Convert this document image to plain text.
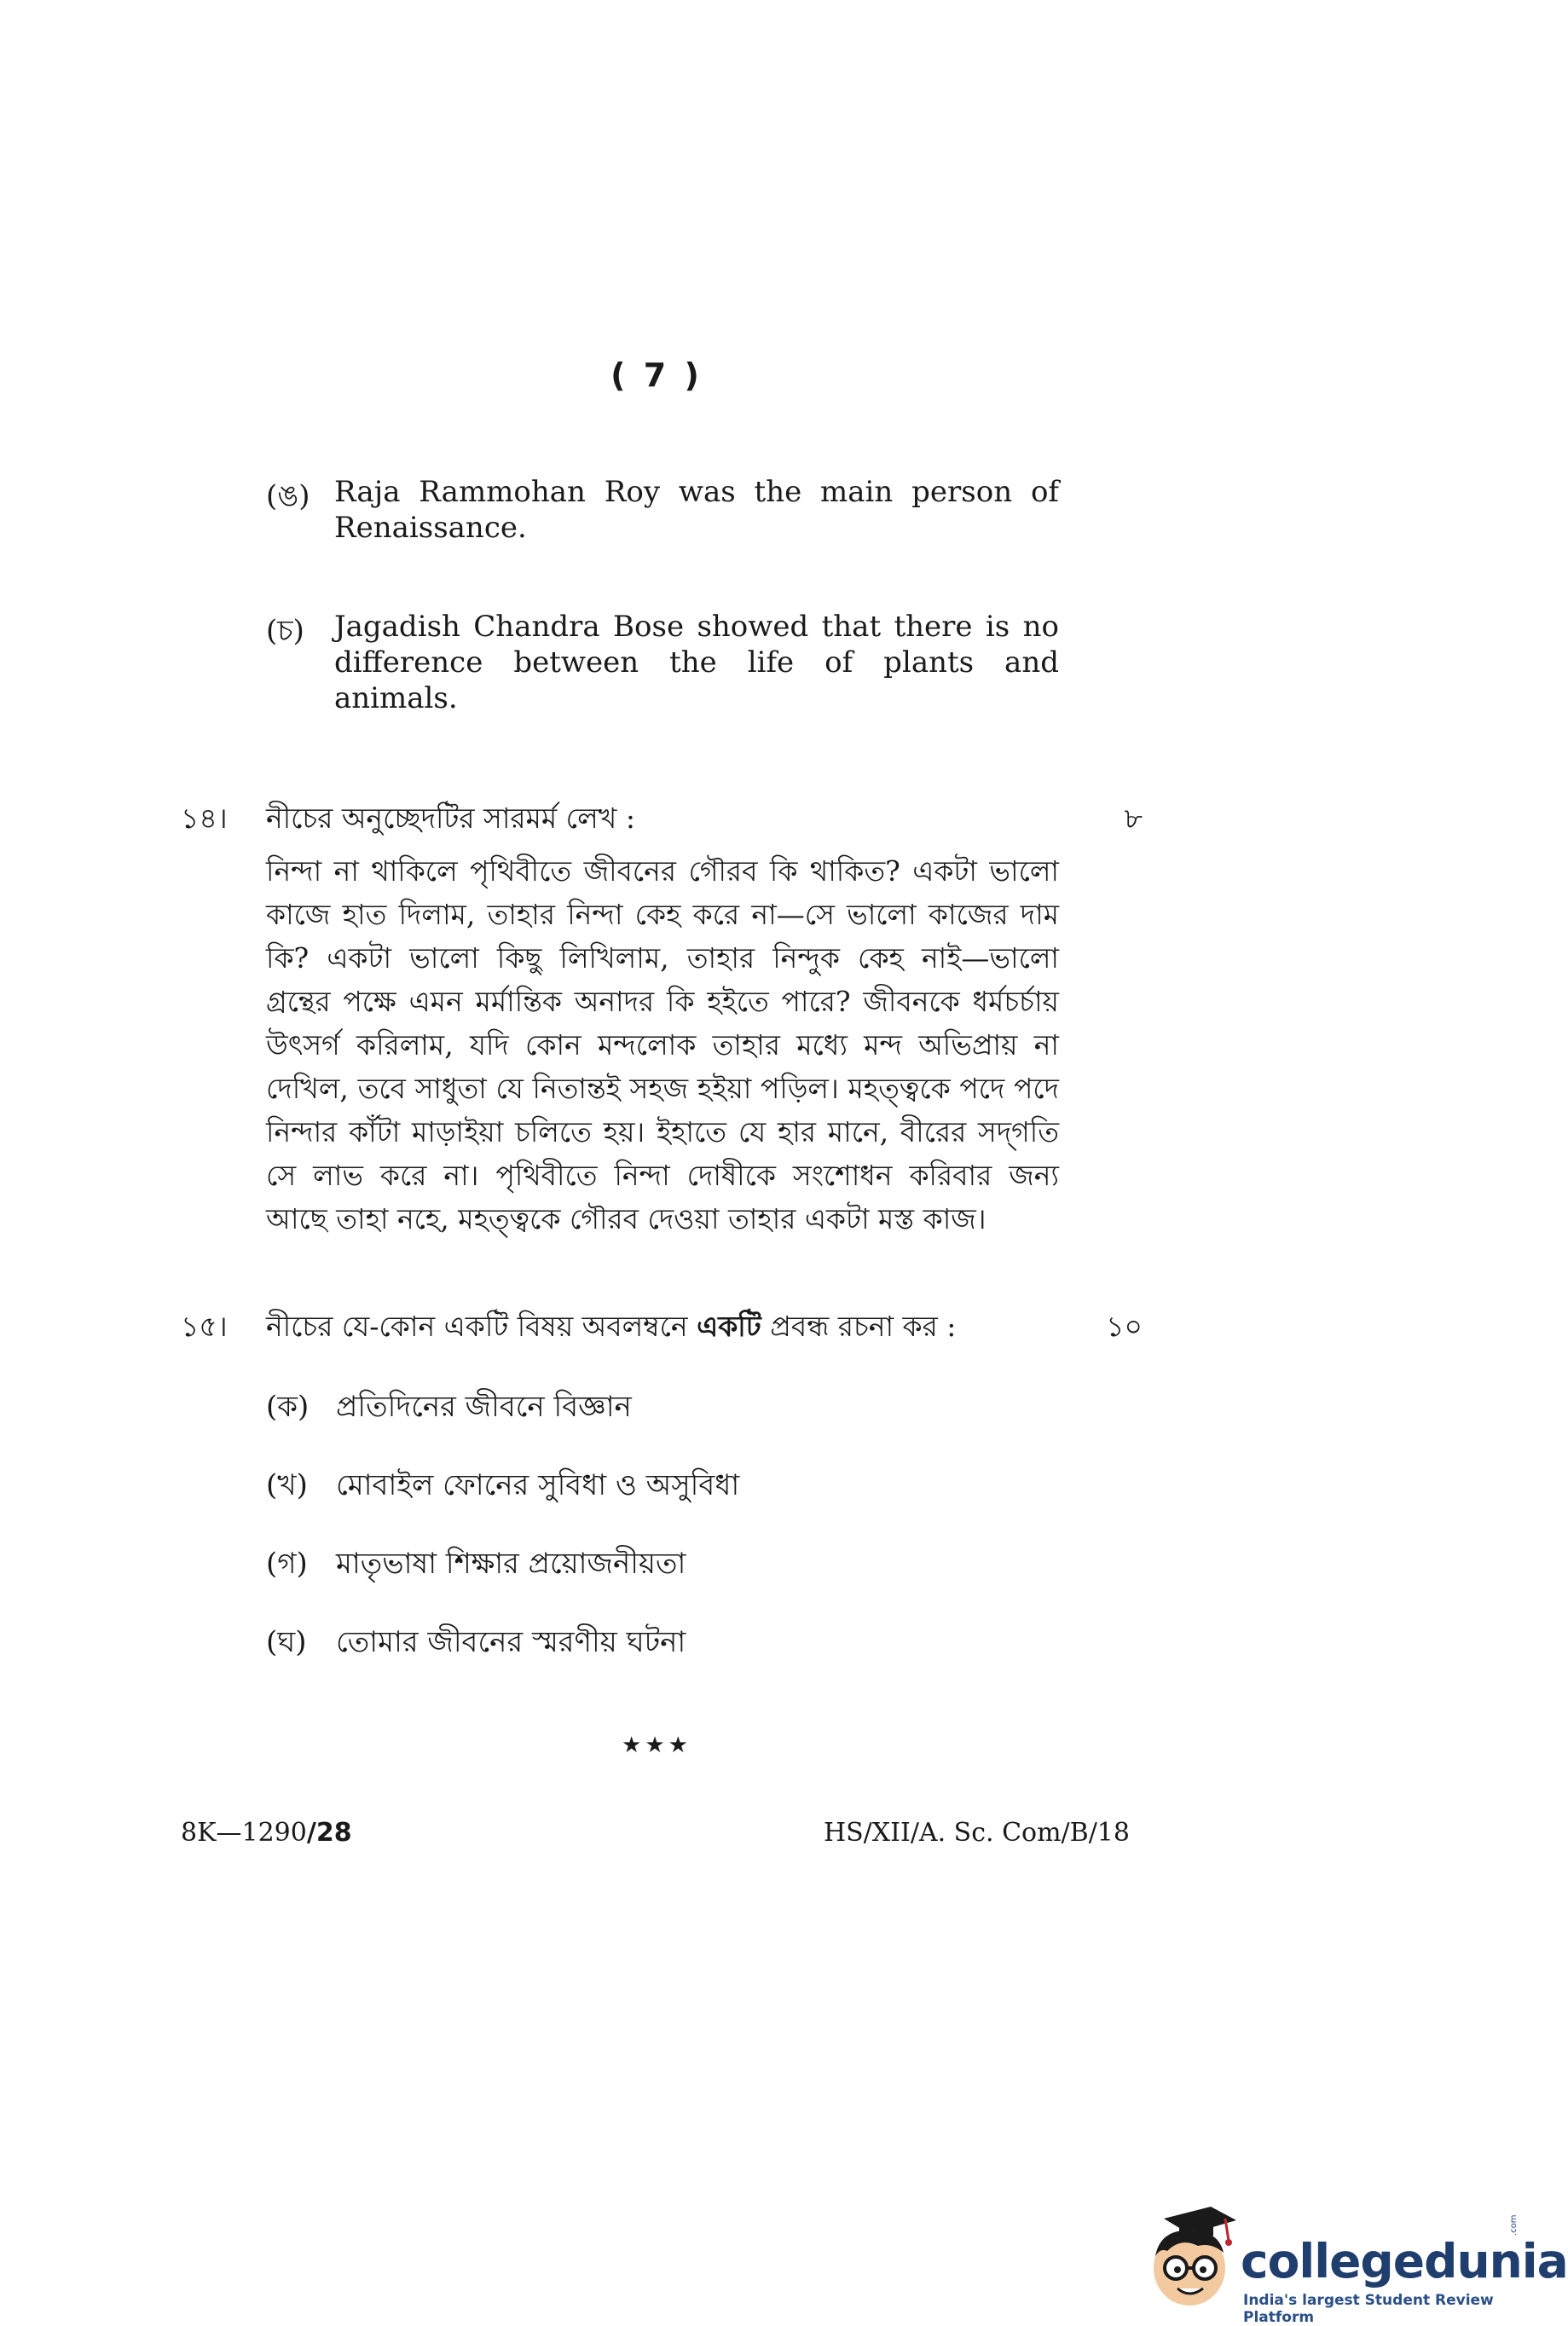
( 7 )
(ঙ) Raja Rammohan Roy was the main person of Renaissance.
(চ) Jagadish Chandra Bose showed that there is no difference between the life of plants and animals.
১৪। নীচের অনুচ্ছেদটির সারমর্ম লেখ :	৮
নিন্দা না থাকিলে পৃথিবীতে জীবনের গৌরব কি থাকিত? একটা ভালো
কাজে হাত দিলাম, তাহার নিন্দা কেহ করে না—সে ভালো কাজের দাম
কি? একটা ভালো কিছু লিখিলাম, তাহার নিন্দুক কেহ নাই—ভালো
গ্রন্থের পক্ষে এমন মর্মান্তিক অনাদর কি হইতে পারে? জীবনকে ধর্মচর্চায়
উৎসর্গ করিলাম, যদি কোন মন্দলোক তাহার মধ্যে মন্দ অভিপ্রায় না
দেখিল, তবে সাধুতা যে নিতান্তই সহজ হইয়া পড়িল। মহত্ত্বকে পদে পদে
নিন্দার কাঁটা মাড়াইয়া চলিতে হয়। ইহাতে যে হার মানে, বীরের সদ্‌গতি
সে লাভ করে না। পৃথিবীতে নিন্দা দোষীকে সংশোধন করিবার জন্য
আছে তাহা নহে, মহত্ত্বকে গৌরব দেওয়া তাহার একটা মস্ত কাজ।
১৫। নীচের যে-কোন একটি বিষয় অবলম্বনে একটি প্রবন্ধ রচনা কর :	১০
(ক) প্রতিদিনের জীবনে বিজ্ঞান
(খ) মোবাইল ফোনের সুবিধা ও অসুবিধা
(গ) মাতৃভাষা শিক্ষার প্রয়োজনীয়তা
(ঘ) তোমার জীবনের স্মরণীয় ঘটনা
★★★
8K—1290/28	HS/XII/A. Sc. Com/B/18
collegedunia
.com
India's largest Student Review Platform
